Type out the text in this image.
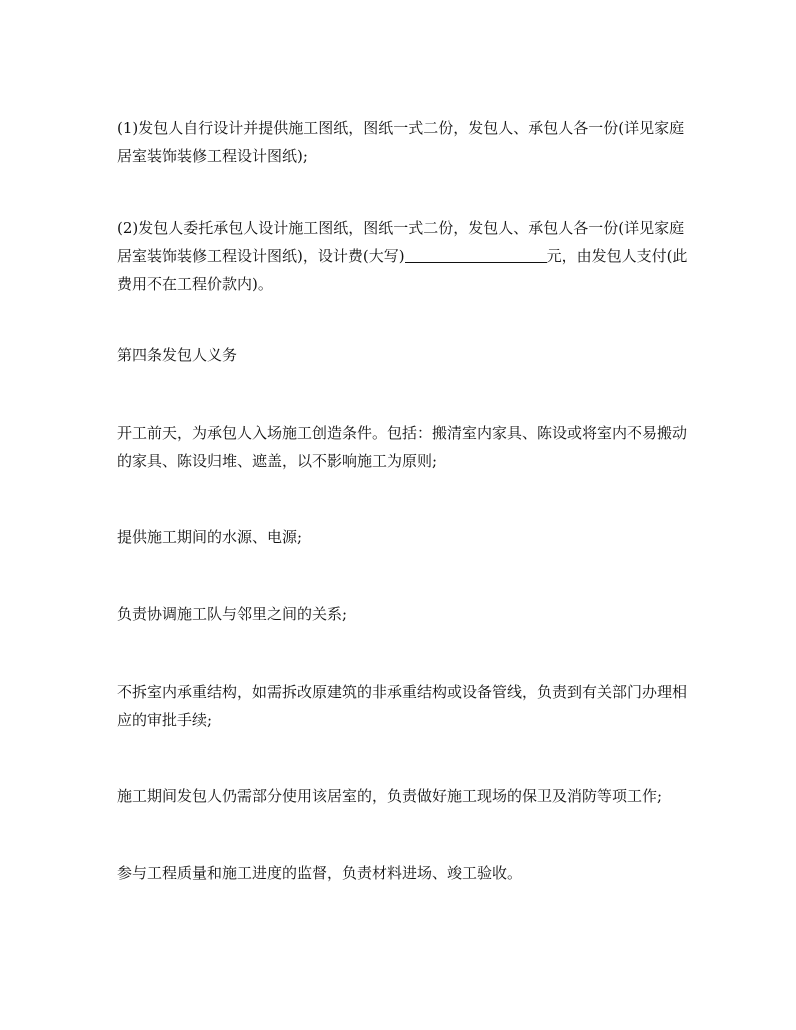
(1)发包人自行设计并提供施工图纸，图纸一式二份，发包人、承包人各一份(详见家庭居室装饰装修工程设计图纸);

(2)发包人委托承包人设计施工图纸，图纸一式二份，发包人、承包人各一份(详见家庭居室装饰装修工程设计图纸)，设计费(大写)	元，由发包人支付(此费用不在工程价款内)。

第四条发包人义务

开工前天，为承包人入场施工创造条件。包括：搬清室内家具、陈设或将室内不易搬动的家具、陈设归堆、遮盖，以不影响施工为原则;

提供施工期间的水源、电源;

负责协调施工队与邻里之间的关系;

不拆室内承重结构，如需拆改原建筑的非承重结构或设备管线，负责到有关部门办理相应的审批手续;

施工期间发包人仍需部分使用该居室的，负责做好施工现场的保卫及消防等项工作;

参与工程质量和施工进度的监督，负责材料进场、竣工验收。
